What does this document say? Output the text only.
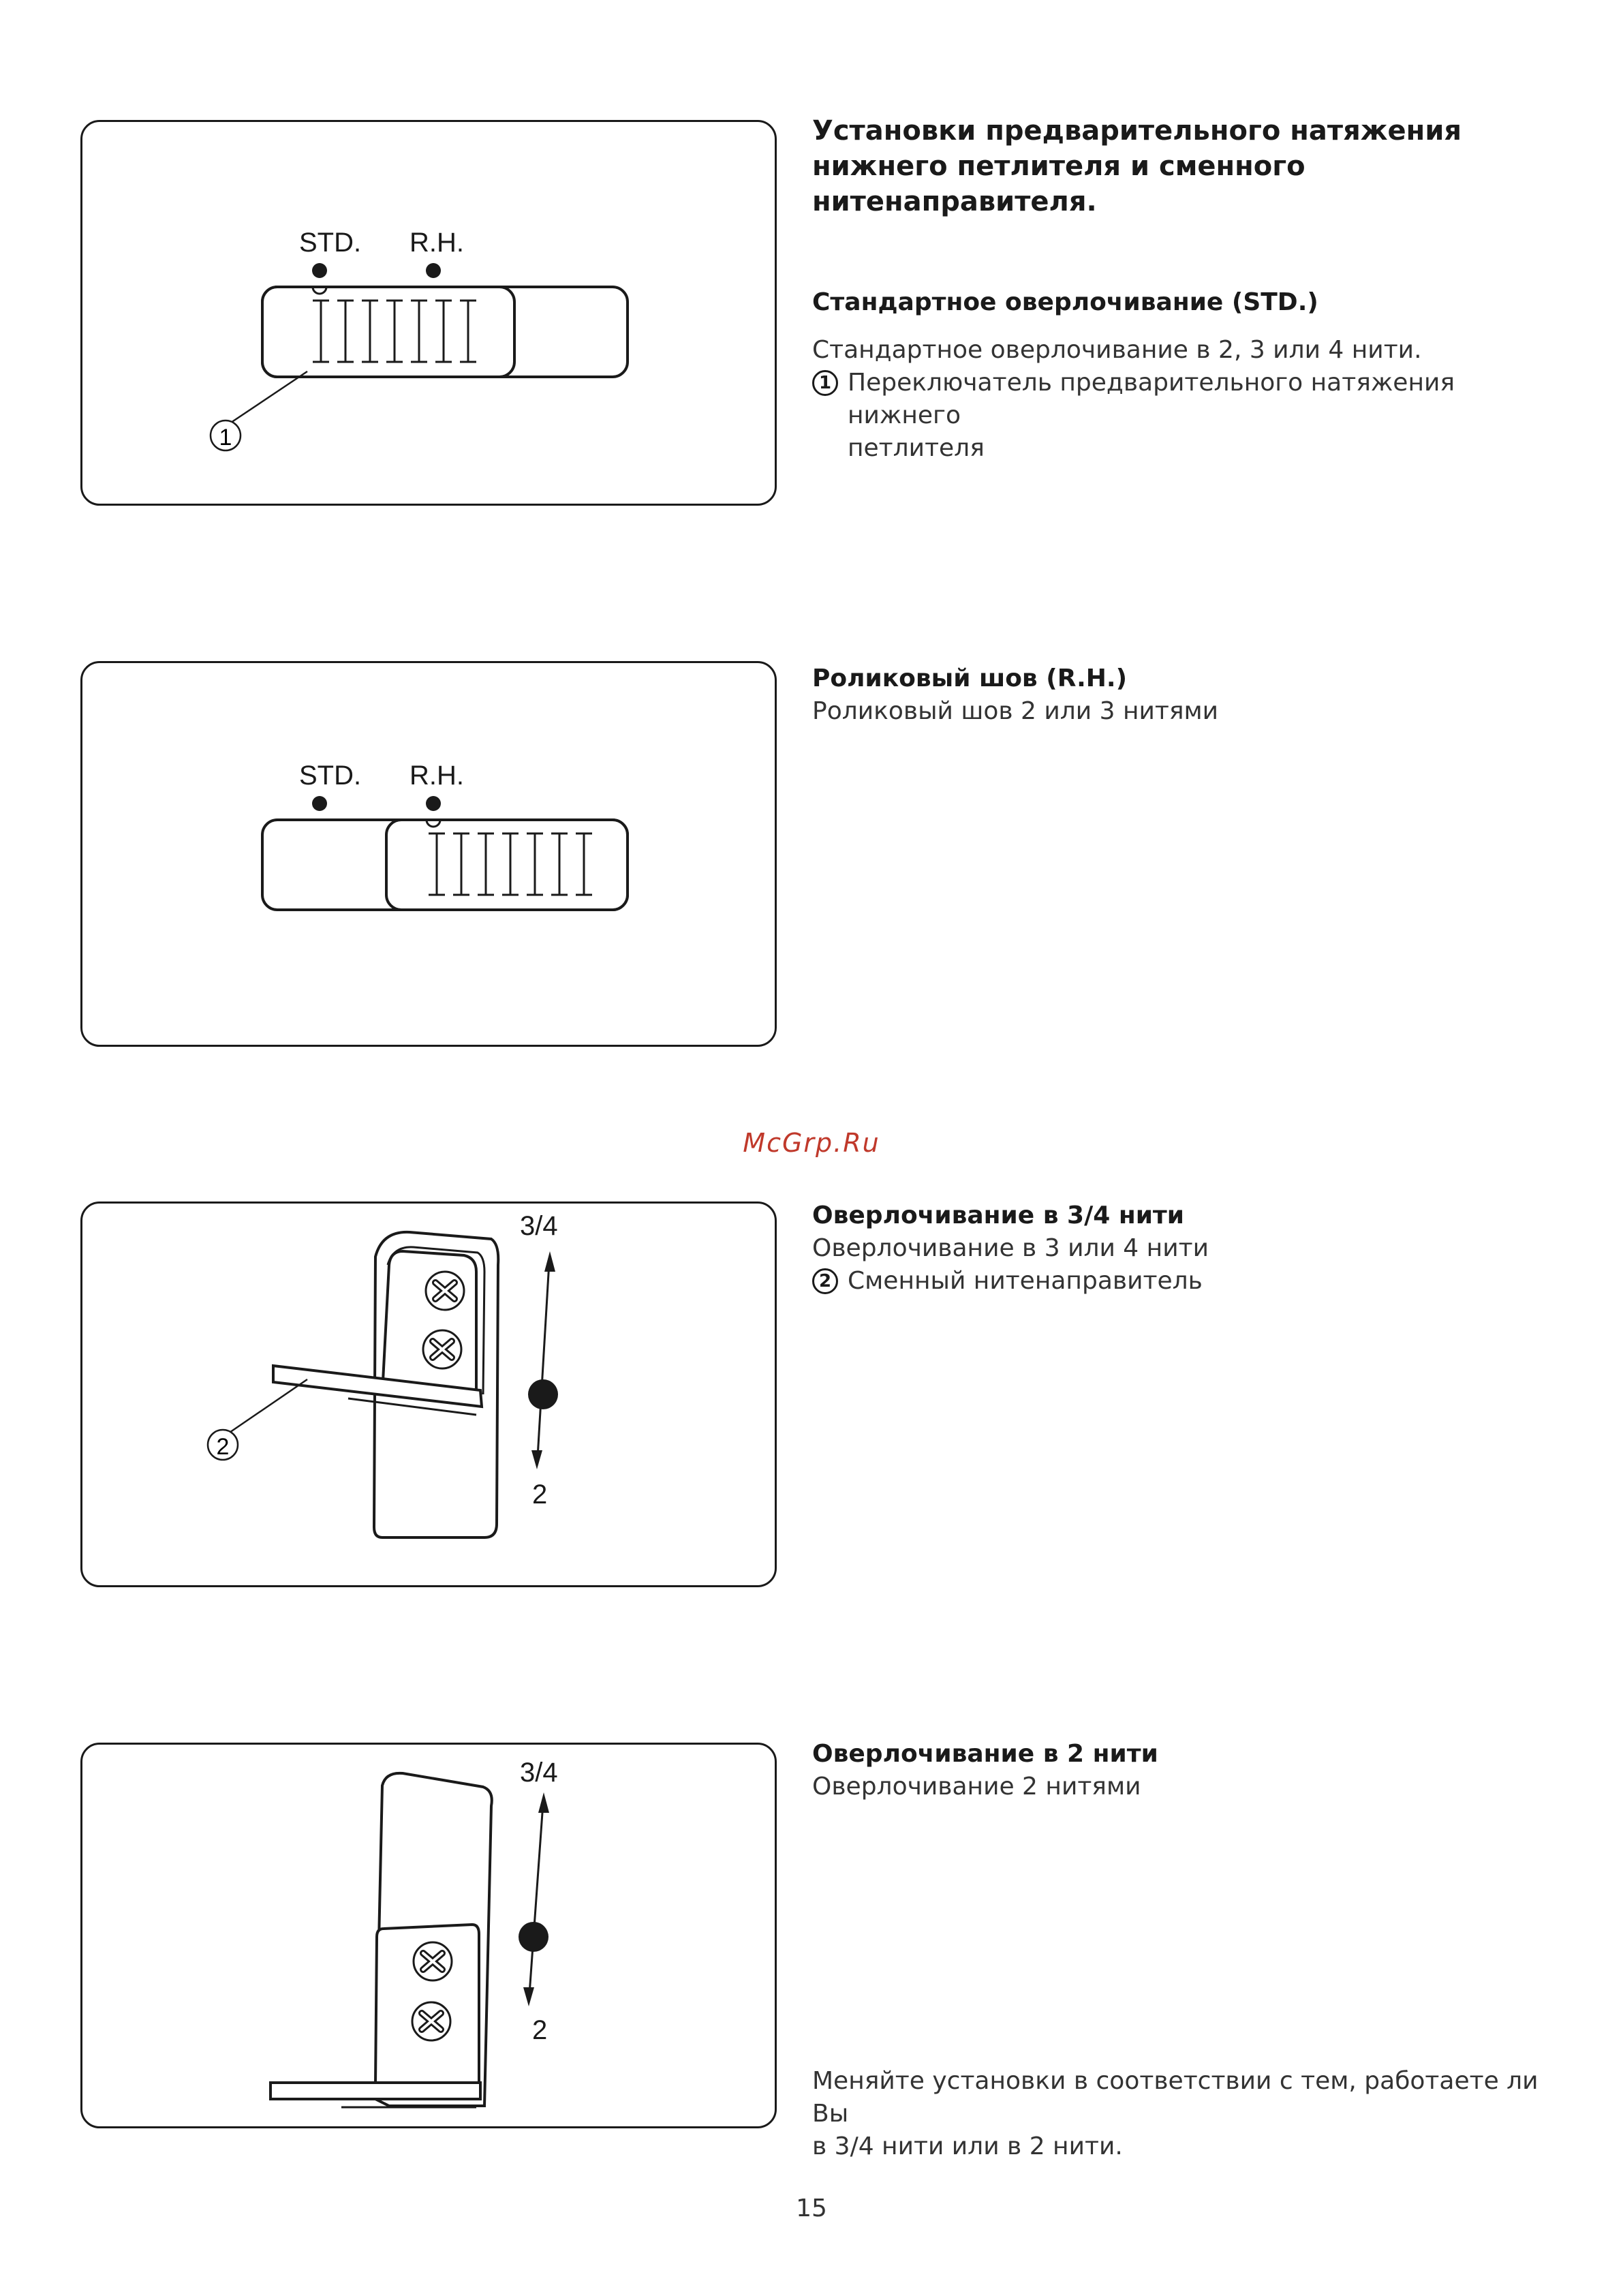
STD. R.H.
1
STD. R.H.
2
3/4
2
3/4
2

Установки предварительного натяжения

нижнего петлителя и сменного

нитенаправителя.

Стандартное оверлочивание (STD.)

Стандартное оверлочивание в 2, 3 или 4 нити.

1 Переключатель предварительного натяжения нижнего

петлителя

Роликовый шов (R.H.)

Роликовый шов 2 или 3 нитями

Оверлочивание в 3/4 нити

Оверлочивание в 3 или 4 нити

2 Сменный нитенаправитель

Оверлочивание в 2 нити

Оверлочивание 2 нитями

Меняйте установки в соответствии с тем, работаете ли Вы

в 3/4 нити или в 2 нити.

McGrp.Ru
15
